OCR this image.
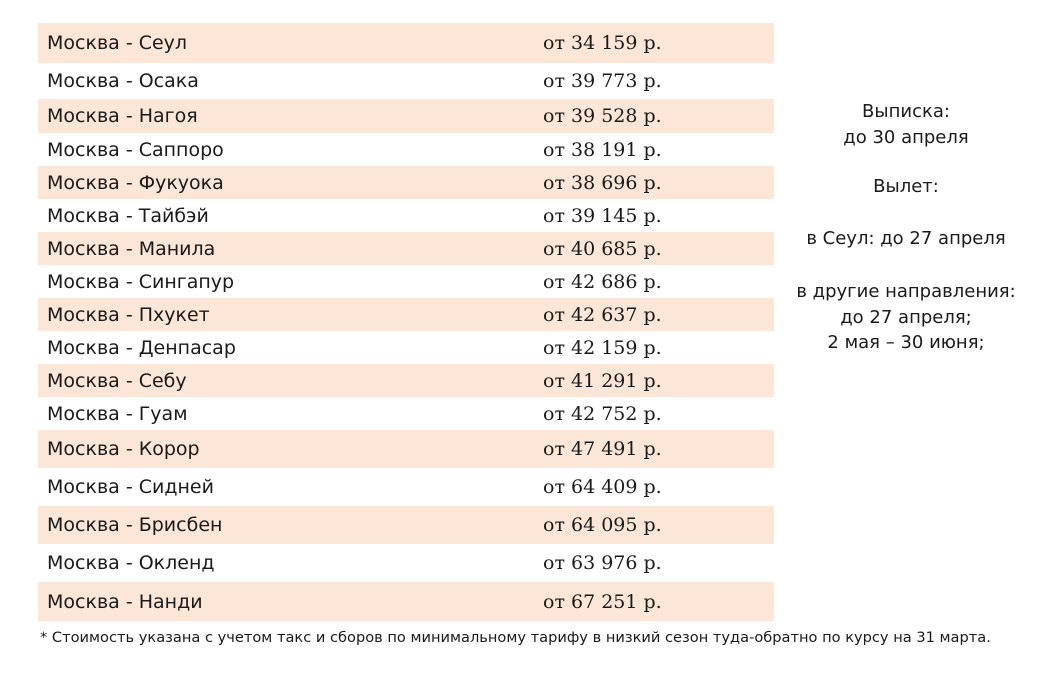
Москва - Сеул	от 34 159 р.
Москва - Осака	от 39 773 р.
Москва - Нагоя	от 39 528 р.
Москва - Саппоро	от 38 191 р.
Москва - Фукуока	от 38 696 р.
Москва - Тайбэй	от 39 145 р.
Москва - Манила	от 40 685 р.
Москва - Сингапур	от 42 686 р.
Москва - Пхукет	от 42 637 р.
Москва - Денпасар	от 42 159 р.
Москва - Себу	от 41 291 р.
Москва - Гуам	от 42 752 р.
Москва - Корор	от 47 491 р.
Москва - Сидней	от 64 409 р.
Москва - Брисбен	от 64 095 р.
Москва - Окленд	от 63 976 р.
Москва - Нанди	от 67 251 р.
Выписка:
до 30 апреля
Вылет:
в Сеул: до 27 апреля
в другие направления:
до 27 апреля;
2 мая – 30 июня;
* Стоимость указана с учетом такс и сборов по минимальному тарифу в низкий сезон туда-обратно по курсу на 31 марта.
